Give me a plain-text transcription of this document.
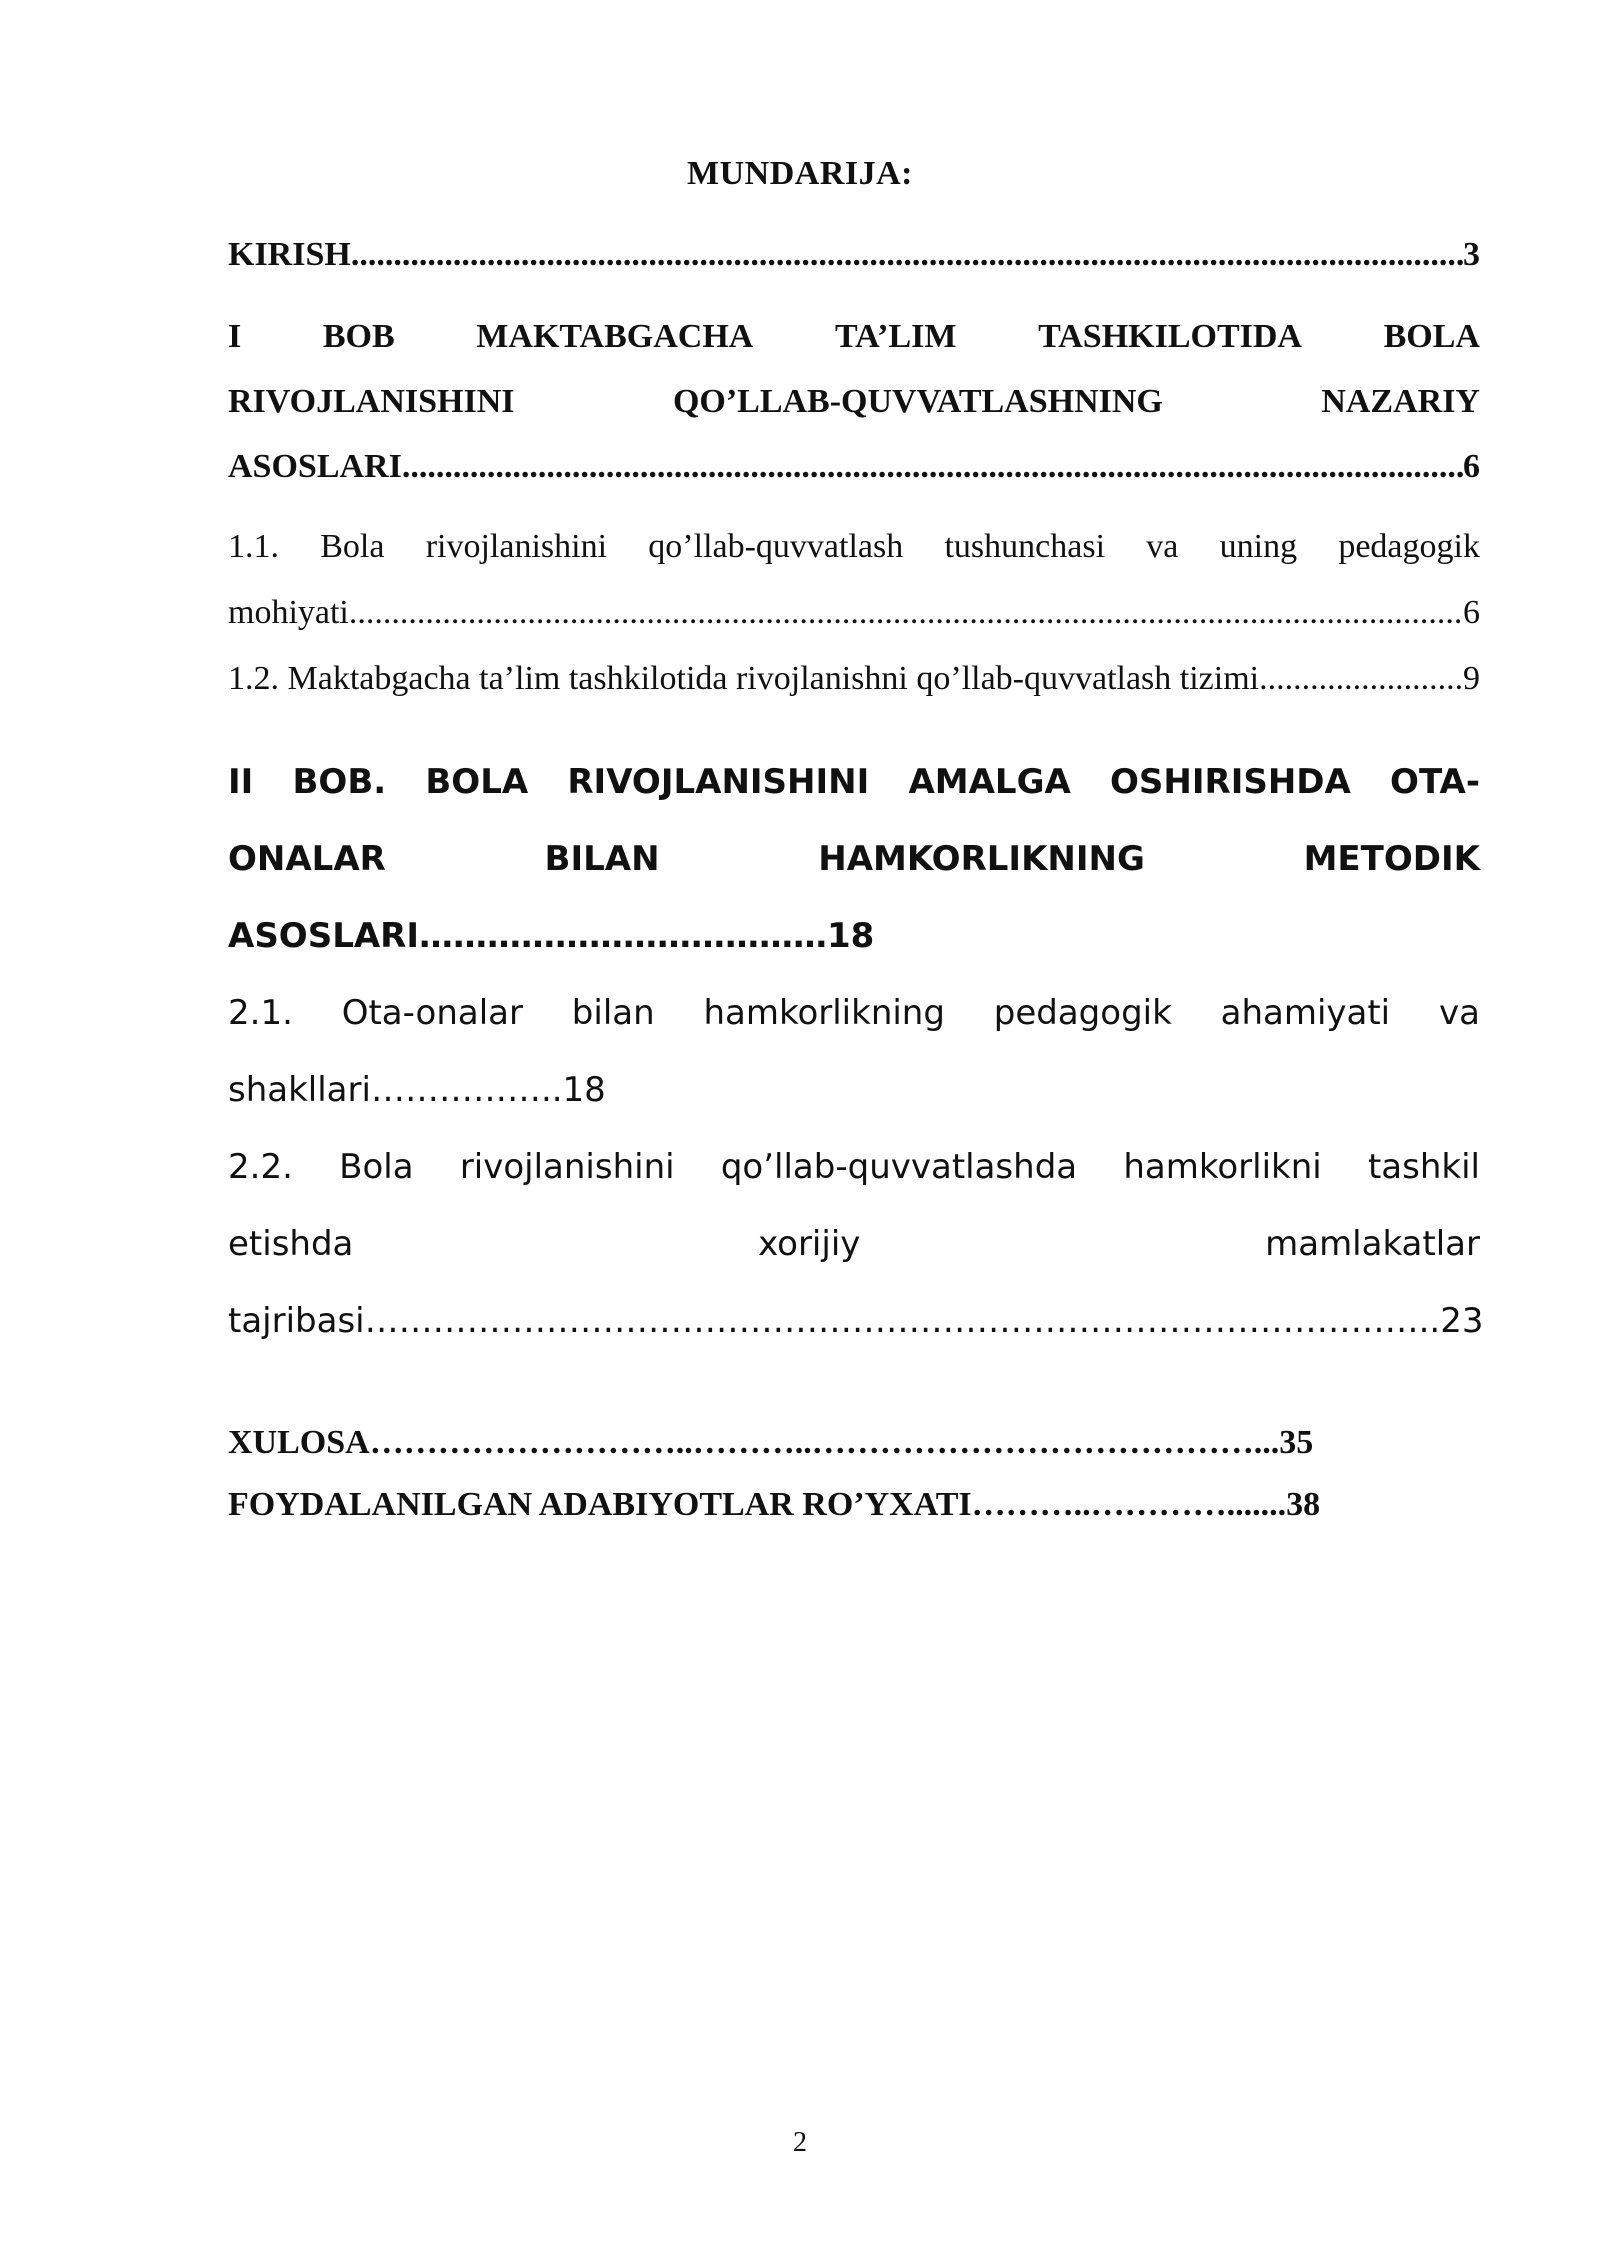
MUNDARIJA:
KIRISH .....	3
I BOB MAKTABGACHA TA’LIM TASHKILOTIDA BOLA
RIVOJLANISHINI	QO’LLAB-QUVVATLASHNING	NAZARIY
ASOSLARI .....	6
1.1. Bola rivojlanishini qo’llab-quvvatlash tushunchasi va uning pedagogik
mohiyati .....	6
1.2. Maktabgacha ta’lim tashkilotida rivojlanishni qo’llab-quvvatlash tizimi .....	9
II BOB. BOLA RIVOJLANISHINI AMALGA OSHIRISHDA OTA-
ONALAR	BILAN	HAMKORLIKNING	METODIK
ASOSLARI………………………………18
2.1. Ota-onalar bilan hamkorlikning pedagogik ahamiyati va
shakllari……………..18
2.2. Bola rivojlanishini qo’llab-quvvatlashda hamkorlikni tashkil
etishda	xorijiy	mamlakatlar
tajribasi…………………………………………………………………………………..23
XULOSA………………………..………..…………………………………...35
FOYDALANILGAN ADABIYOTLAR RO’YXATI………..………….......38
2
